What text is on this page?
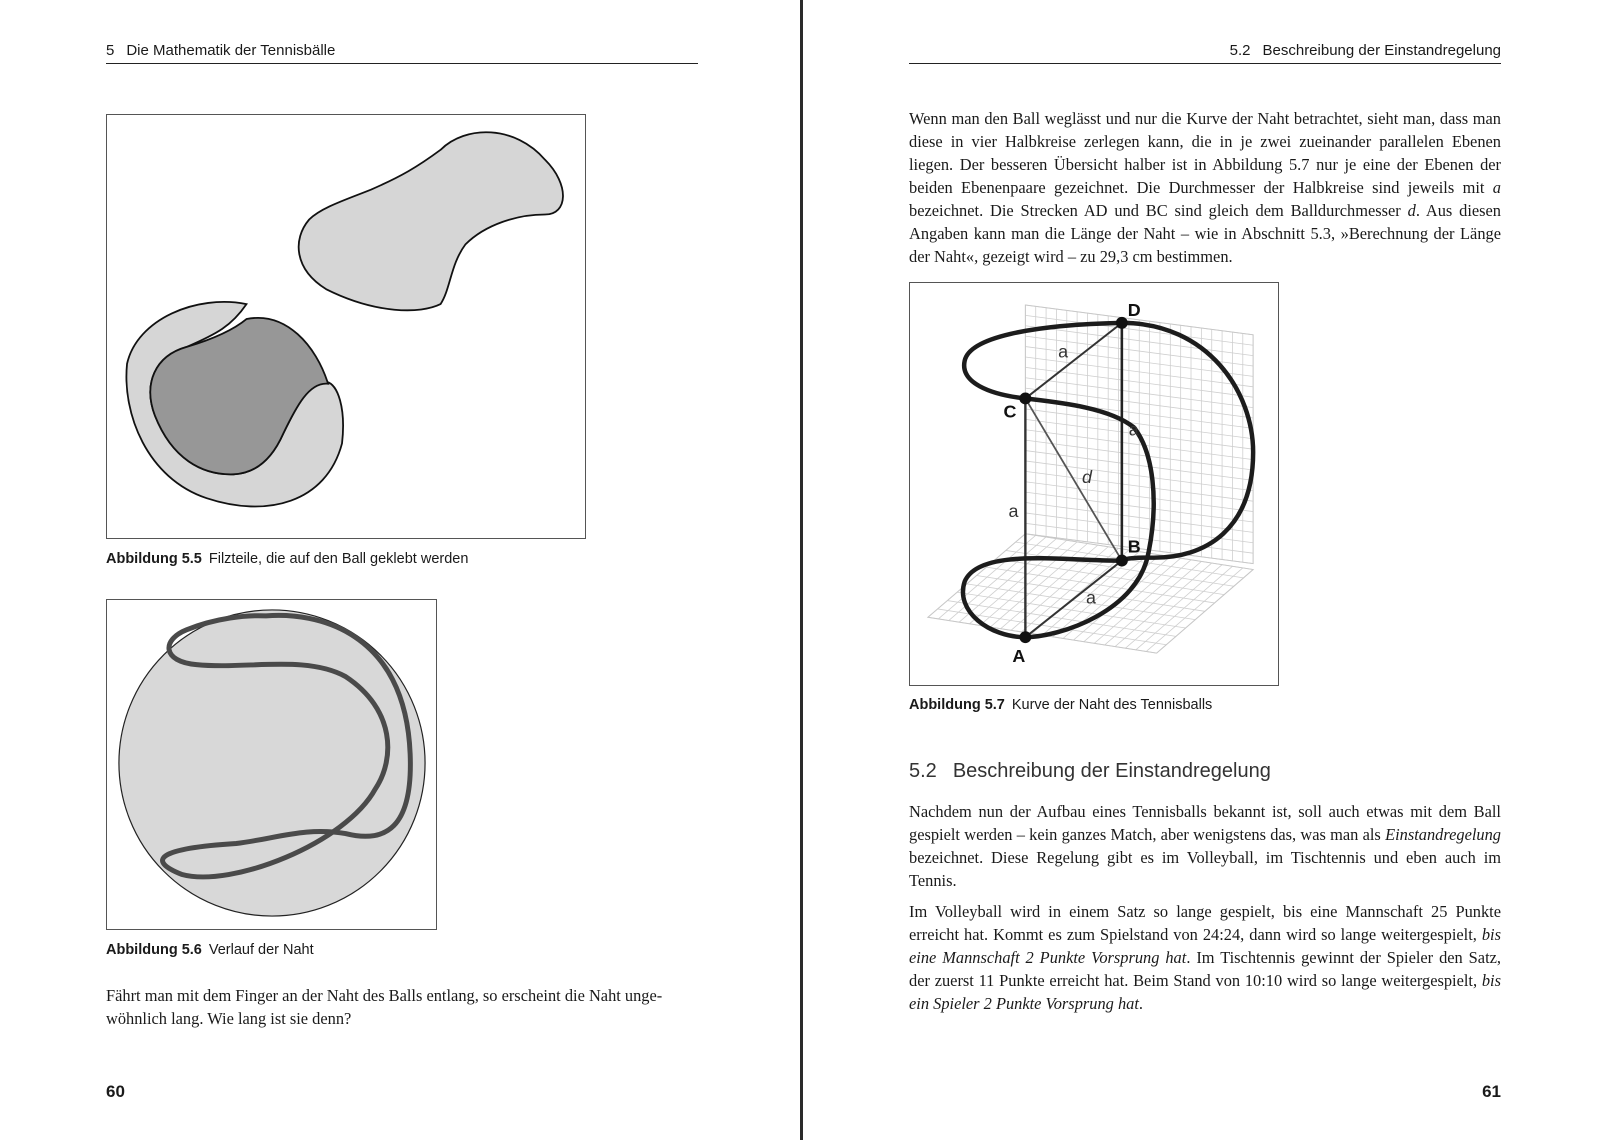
5 Die Mathematik der Tennisbälle
Abbildung 5.5 Filzteile, die auf den Ball geklebt werden
Abbildung 5.6 Verlauf der Naht
Fährt man mit dem Finger an der Naht des Balls entlang, so erscheint die Naht unge-
wöhnlich lang. Wie lang ist sie denn?
60
5.2 Beschreibung der Einstandregelung

Wenn man den Ball weglässt und nur die Kurve der Naht betrachtet, sieht man, dass man diese in vier Halbkreise zerlegen kann, die in je zwei zueinander parallelen Ebenen liegen. Der besseren Übersicht halber ist in Abbildung 5.7 nur je eine der Ebenen der beiden Ebenenpaare gezeichnet. Die Durchmesser der Halbkreise sind jeweils mit a bezeichnet. Die Strecken AD und BC sind gleich dem Balldurchmesser d. Aus diesen Angaben kann man die Länge der Naht – wie in Abschnitt 5.3, »Berechnung der Länge der Naht«, gezeigt wird – zu 29,3 cm bestimmen.

A
B
C
D
a
a
a
a
d
Abbildung 5.7 Kurve der Naht des Tennisballs
5.2 Beschreibung der Einstandregelung

Nachdem nun der Aufbau eines Tennisballs bekannt ist, soll auch etwas mit dem Ball gespielt werden – kein ganzes Match, aber wenigstens das, was man als Einstandregelung bezeichnet. Diese Regelung gibt es im Volleyball, im Tischtennis und eben auch im Tennis.

Im Volleyball wird in einem Satz so lange gespielt, bis eine Mannschaft 25 Punkte erreicht hat. Kommt es zum Spielstand von 24:24, dann wird so lange weitergespielt, bis eine Mannschaft 2 Punkte Vorsprung hat. Im Tischtennis gewinnt der Spieler den Satz, der zuerst 11 Punkte erreicht hat. Beim Stand von 10:10 wird so lange weitergespielt, bis ein Spieler 2 Punkte Vorsprung hat.

61
